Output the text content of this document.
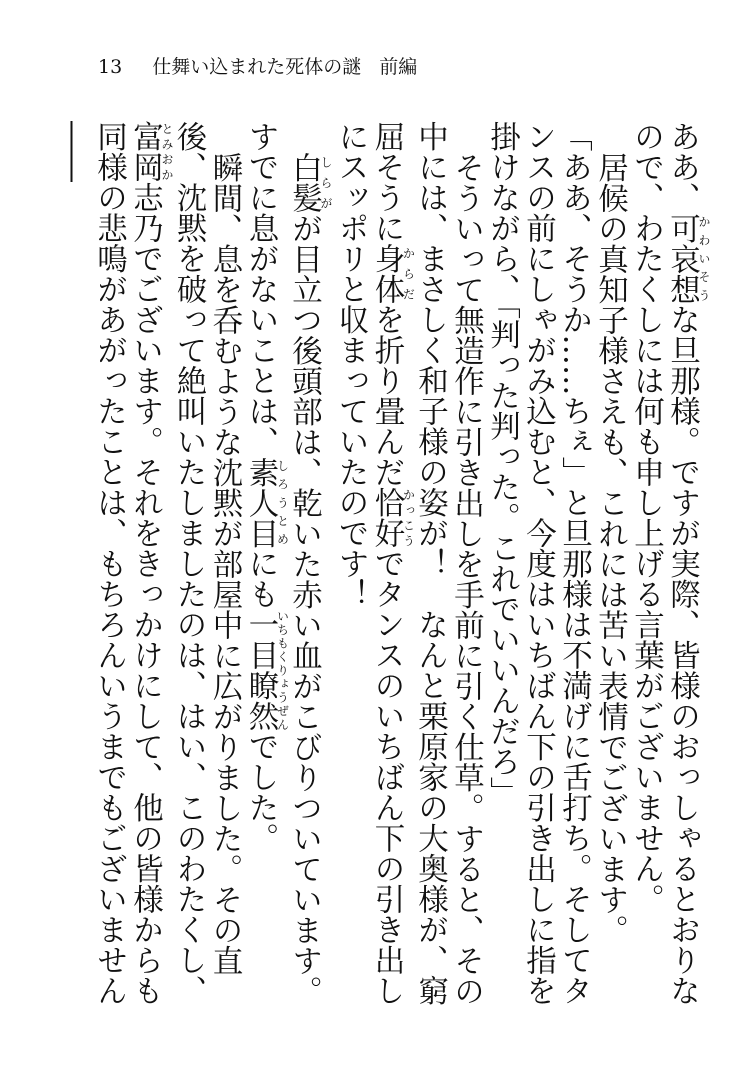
13 仕舞い込まれた死体の謎 前編

ああ、可哀想かわいそうな旦那様。ですが実際、皆様のおっしゃるとおりなので、わたくしには何も申し上げる言葉がございません。

居候の真知子様さえも、これには苦い表情でございます。

「ああ、そうか……ちぇ」と旦那様は不満げに舌打ち。そしてタンスの前にしゃがみ込むと、今度はいちばん下の引き出しに指を掛けながら、「判った判った。これでいいんだろ」

そういって無造作に引き出しを手前に引く仕草。すると、その中には、まさしく和子様の姿が！　なんと栗原家の大奥様が、窮屈そうに身体からだを折り畳んだ恰好かっこうでタンスのいちばん下の引き出しにスッポリと収まっていたのです！

白髪しらがが目立つ後頭部は、乾いた赤い血がこびりついています。すでに息がないことは、素人目しろうとめにも一目瞭然いちもくりょうぜんでした。

瞬間、息を呑むような沈黙が部屋中に広がりました。その直後、沈黙を破って絶叫いたしましたのは、はい、このわたくし、富岡とみおか志乃でございます。それをきっかけにして、他の皆様からも同様の悲鳴があがったことは、もちろんいうまでもございません――
